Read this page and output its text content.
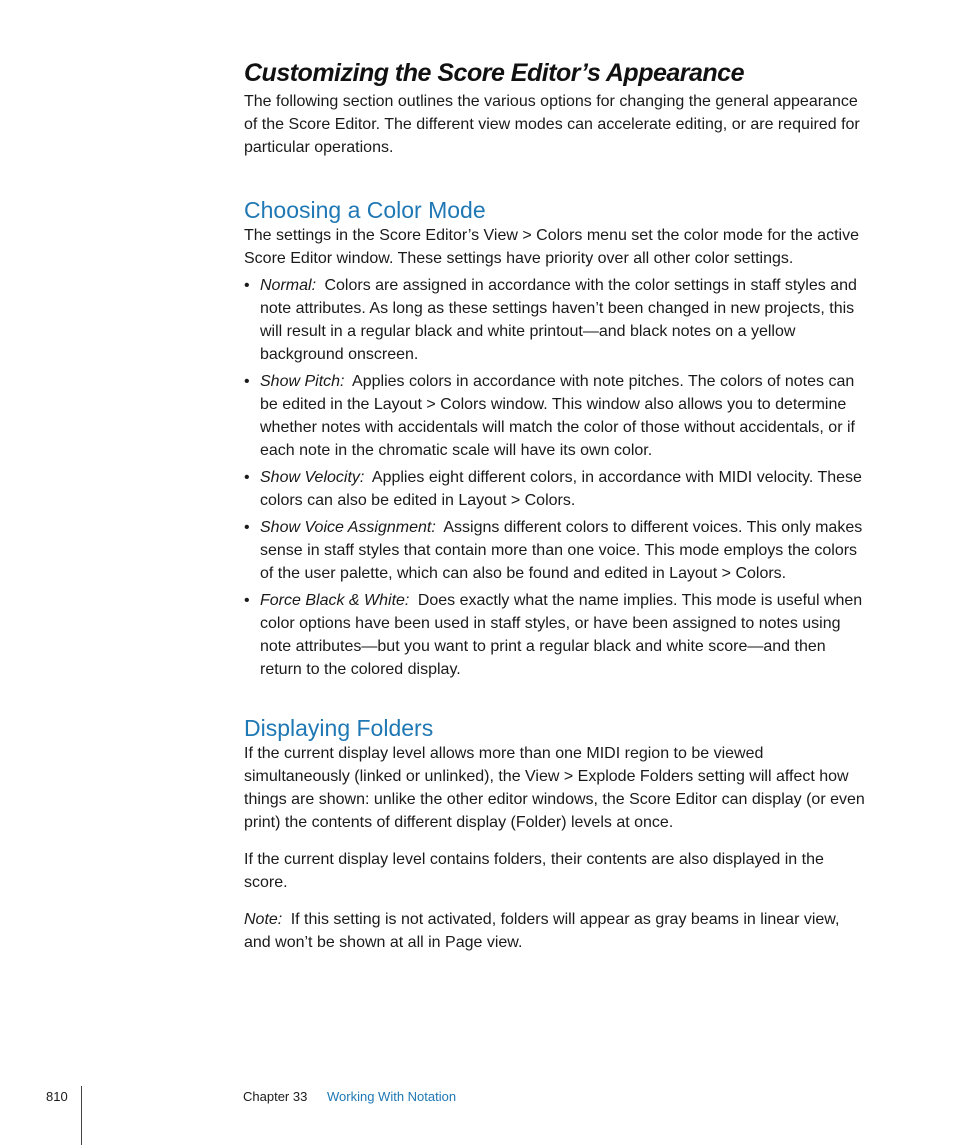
Customizing the Score Editor’s Appearance

The following section outlines the various options for changing the general appearance of the Score Editor. The different view modes can accelerate editing, or are required for particular operations.

Choosing a Color Mode

The settings in the Score Editor’s View > Colors menu set the color mode for the active Score Editor window. These settings have priority over all other color settings.

• Normal: Colors are assigned in accordance with the color settings in staff styles and note attributes. As long as these settings haven’t been changed in new projects, this will result in a regular black and white printout—and black notes on a yellow background onscreen.
• Show Pitch: Applies colors in accordance with note pitches. The colors of notes can be edited in the Layout > Colors window. This window also allows you to determine whether notes with accidentals will match the color of those without accidentals, or if each note in the chromatic scale will have its own color.
• Show Velocity: Applies eight different colors, in accordance with MIDI velocity. These colors can also be edited in Layout > Colors.
• Show Voice Assignment: Assigns different colors to different voices. This only makes sense in staff styles that contain more than one voice. This mode employs the colors of the user palette, which can also be found and edited in Layout > Colors.
• Force Black & White: Does exactly what the name implies. This mode is useful when color options have been used in staff styles, or have been assigned to notes using note attributes—but you want to print a regular black and white score—and then return to the colored display.
Displaying Folders

If the current display level allows more than one MIDI region to be viewed simultaneously (linked or unlinked), the View > Explode Folders setting will affect how things are shown: unlike the other editor windows, the Score Editor can display (or even print) the contents of different display (Folder) levels at once.

If the current display level contains folders, their contents are also displayed in the score.

Note: If this setting is not activated, folders will appear as gray beams in linear view, and won’t be shown at all in Page view.

810	Chapter 33 Working With Notation
